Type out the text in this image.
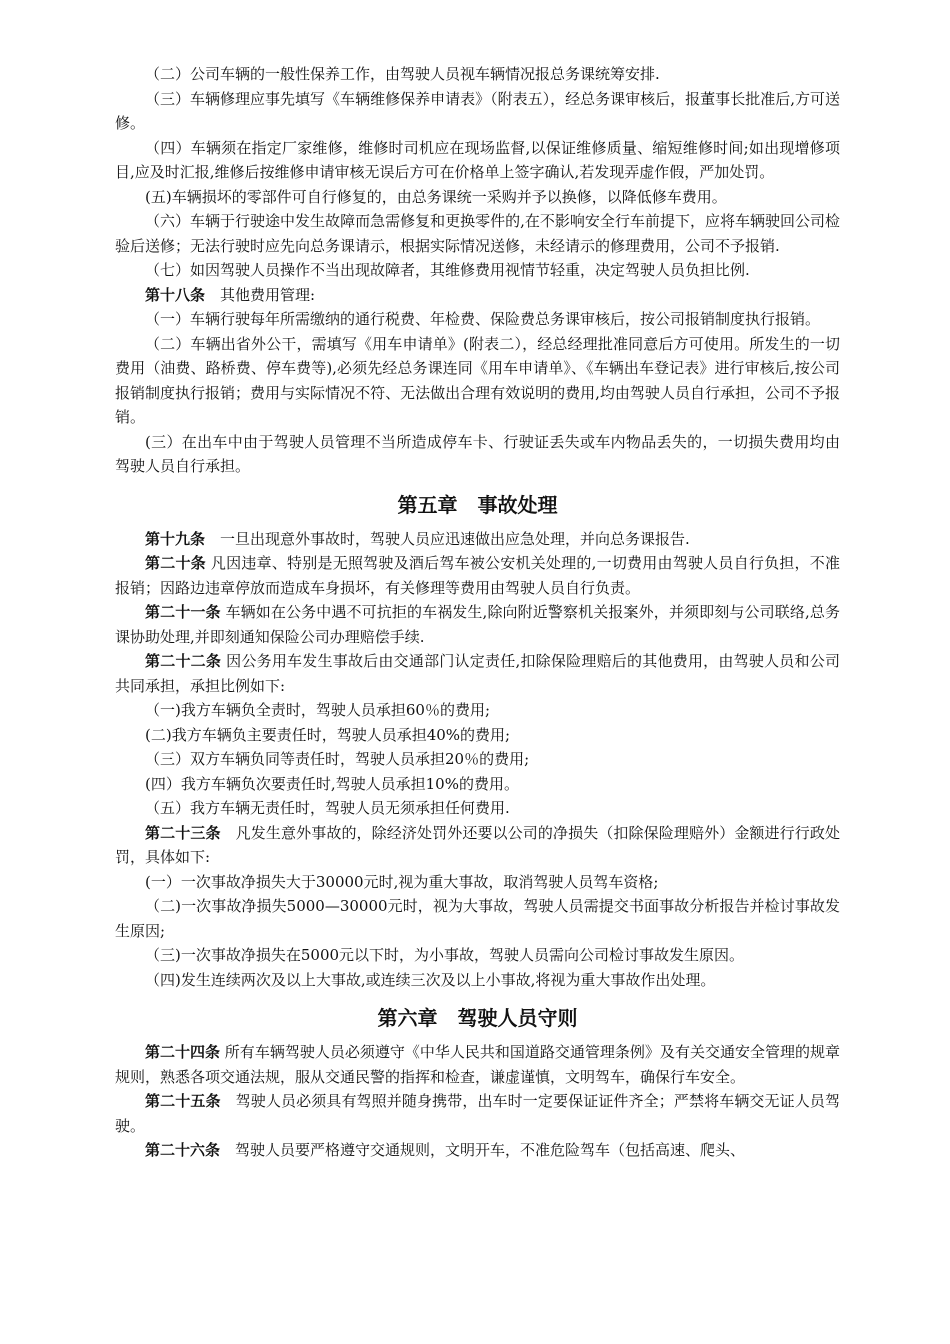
（二）公司车辆的一般性保养工作，由驾驶人员视车辆情况报总务课统筹安排.

（三）车辆修理应事先填写《车辆维修保养申请表》（附表五），经总务课审核后，报董事长批准后,方可送修。

（四）车辆须在指定厂家维修，维修时司机应在现场监督,以保证维修质量、缩短维修时间;如出现增修项目,应及时汇报,维修后按维修申请审核无误后方可在价格单上签字确认,若发现弄虚作假，严加处罚。

(五)车辆损坏的零部件可自行修复的，由总务课统一采购并予以换修，以降低修车费用。

（六）车辆于行驶途中发生故障而急需修复和更换零件的,在不影响安全行车前提下，应将车辆驶回公司检验后送修；无法行驶时应先向总务课请示，根据实际情况送修，未经请示的修理费用，公司不予报销.

（七）如因驾驶人员操作不当出现故障者，其维修费用视情节轻重，决定驾驶人员负担比例.

第十八条　其他费用管理:

（一）车辆行驶每年所需缴纳的通行税费、年检费、保险费总务课审核后，按公司报销制度执行报销。

（二）车辆出省外公干，需填写《用车申请单》(附表二），经总经理批准同意后方可使用。所发生的一切费用（油费、路桥费、停车费等),必须先经总务课连同《用车申请单》、《车辆出车登记表》进行审核后,按公司报销制度执行报销；费用与实际情况不符、无法做出合理有效说明的费用,均由驾驶人员自行承担，公司不予报销。

(三）在出车中由于驾驶人员管理不当所造成停车卡、行驶证丢失或车内物品丢失的，一切损失费用均由驾驶人员自行承担。

第五章　事故处理

第十九条　一旦出现意外事故时，驾驶人员应迅速做出应急处理，并向总务课报告.

第二十条 凡因违章、特别是无照驾驶及酒后驾车被公安机关处理的,一切费用由驾驶人员自行负担，不准报销；因路边违章停放而造成车身损坏，有关修理等费用由驾驶人员自行负责。

第二十一条 车辆如在公务中遇不可抗拒的车祸发生,除向附近警察机关报案外，并须即刻与公司联络,总务课协助处理,并即刻通知保险公司办理赔偿手续.

第二十二条 因公务用车发生事故后由交通部门认定责任,扣除保险理赔后的其他费用，由驾驶人员和公司共同承担，承担比例如下:

（一)我方车辆负全责时，驾驶人员承担60％的费用;

(二)我方车辆负主要责任时，驾驶人员承担40%的费用;

（三）双方车辆负同等责任时，驾驶人员承担20％的费用;

(四）我方车辆负次要责任时,驾驶人员承担10%的费用。

（五）我方车辆无责任时，驾驶人员无须承担任何费用.

第二十三条　凡发生意外事故的，除经济处罚外还要以公司的净损失（扣除保险理赔外）金额进行行政处罚，具体如下:

(一）一次事故净损失大于30000元时,视为重大事故，取消驾驶人员驾车资格;

（二)一次事故净损失5000—30000元时，视为大事故，驾驶人员需提交书面事故分析报告并检讨事故发生原因;

（三)一次事故净损失在5000元以下时，为小事故，驾驶人员需向公司检讨事故发生原因。

（四)发生连续两次及以上大事故,或连续三次及以上小事故,将视为重大事故作出处理。

第六章　驾驶人员守则

第二十四条 所有车辆驾驶人员必须遵守《中华人民共和国道路交通管理条例》及有关交通安全管理的规章规则，熟悉各项交通法规，服从交通民警的指挥和检查，谦虚谨慎，文明驾车，确保行车安全。

第二十五条　驾驶人员必须具有驾照并随身携带，出车时一定要保证证件齐全；严禁将车辆交无证人员驾驶。

第二十六条　驾驶人员要严格遵守交通规则，文明开车，不准危险驾车（包括高速、爬头、
